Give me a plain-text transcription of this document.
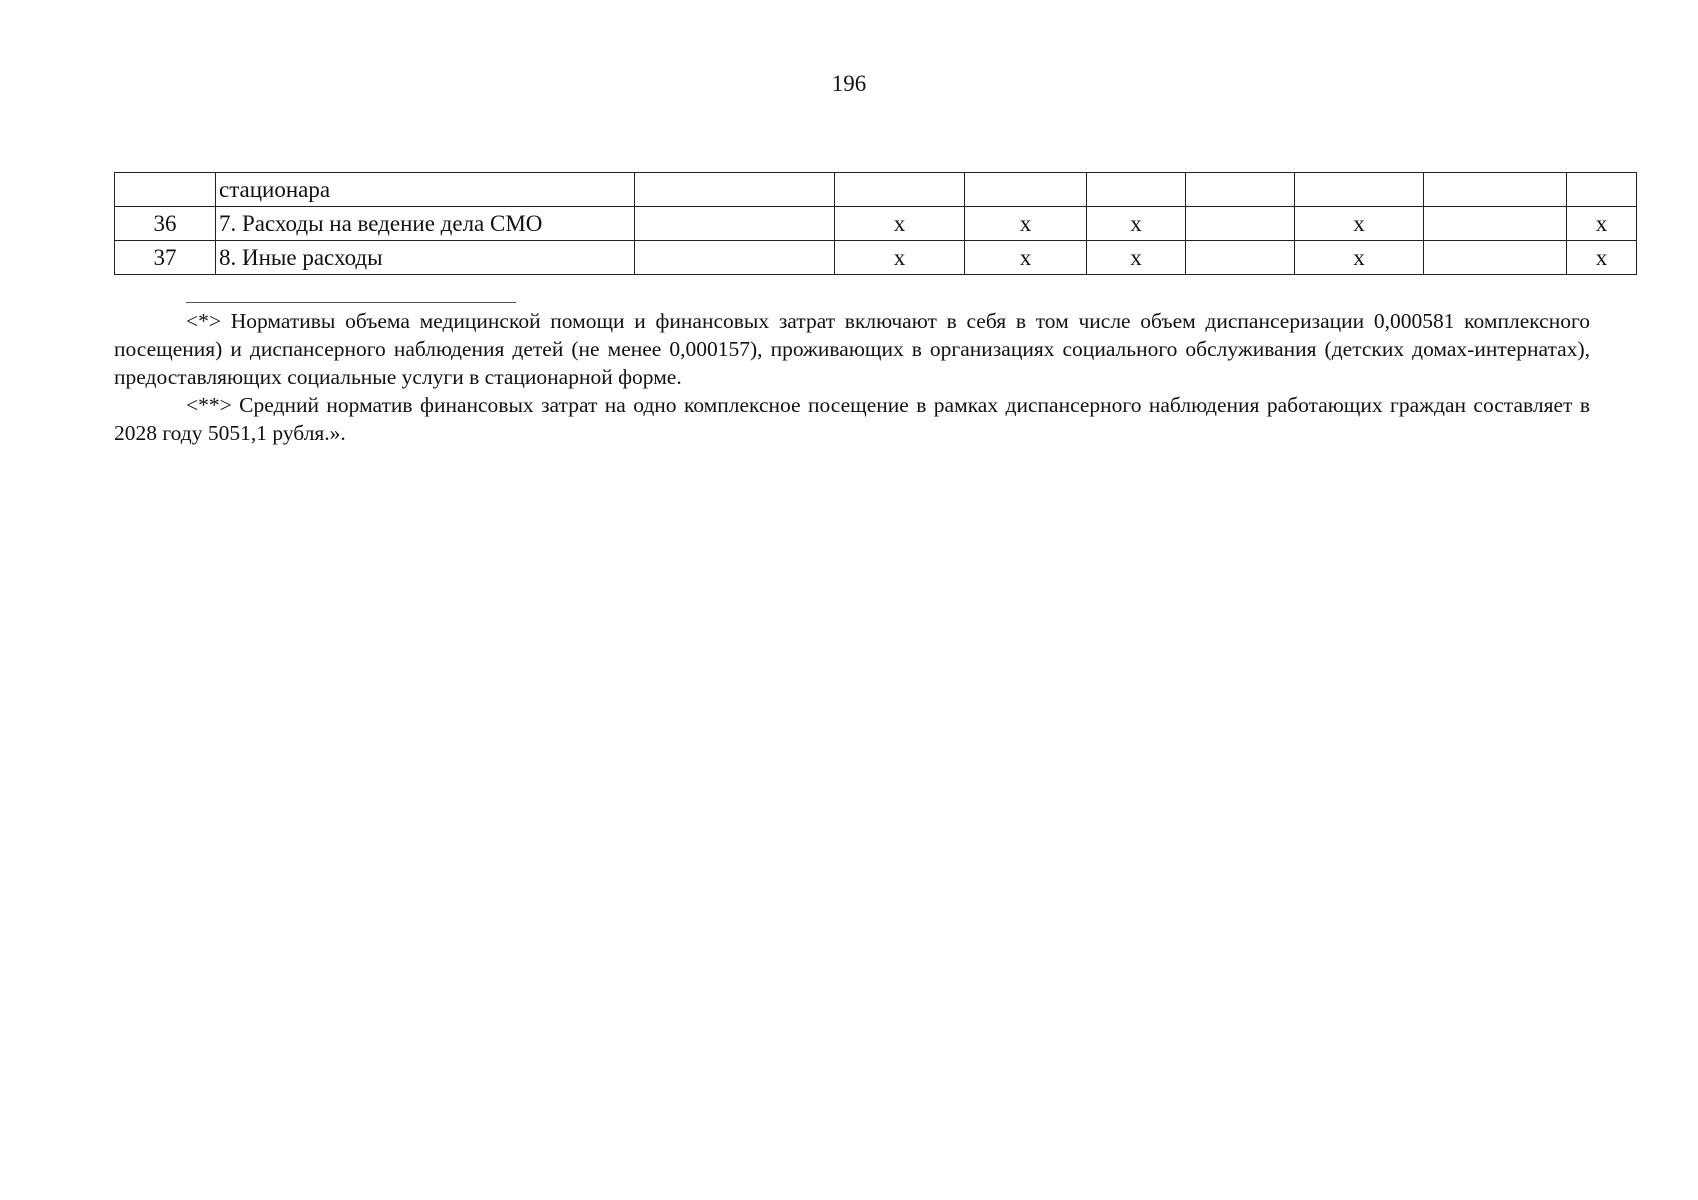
196
	стационара								
36	7. Расходы на ведение дела СМО		x	x	x		x		x
37	8. Иные расходы		x	x	x		x		x

<*> Нормативы объема медицинской помощи и финансовых затрат включают в себя в том числе объем диспансеризации 0,000581 комплексного посещения) и диспансерного наблюдения детей (не менее 0,000157), проживающих в организациях социального обслуживания (детских домах-интернатах), предоставляющих социальные услуги в стационарной форме.

<**> Средний норматив финансовых затрат на одно комплексное посещение в рамках диспансерного наблюдения работающих граждан составляет в 2028 году 5051,1 рубля.».
